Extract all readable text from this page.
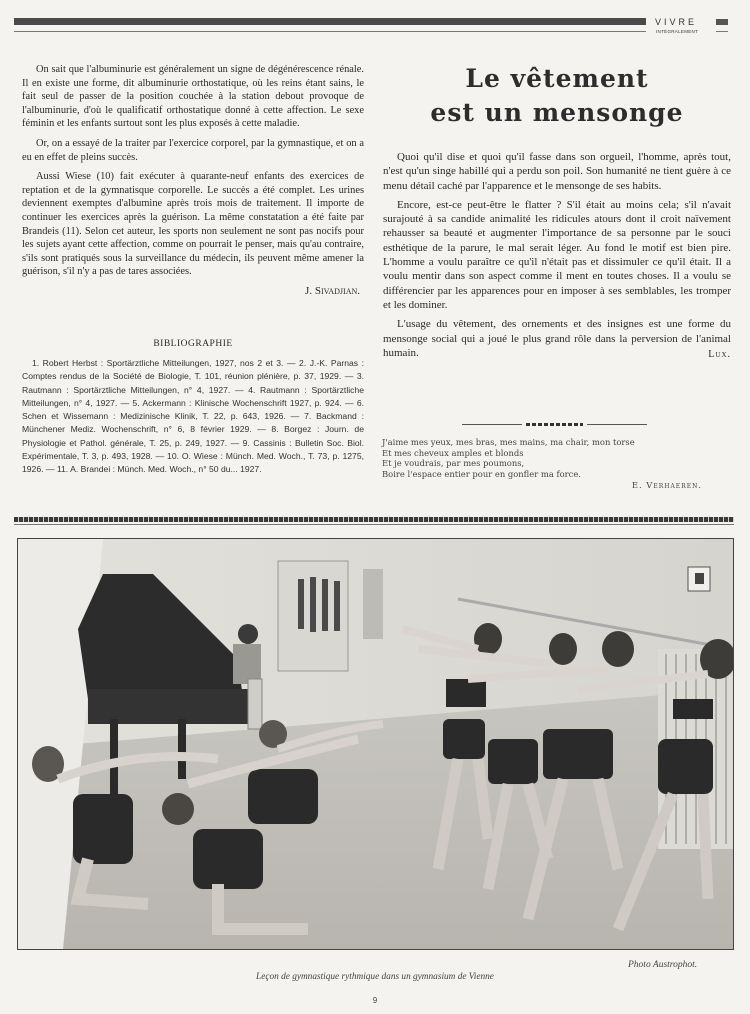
VIVRE
INTÉGRALEMENT

On sait que l'albuminurie est généralement un signe de dégénérescence rénale. Il en existe une forme, dit albuminurie orthostatique, où les reins étant sains, le fait seul de passer de la position couchée à la station debout provoque de l'albuminurie, d'où le qualificatif orthostatique donné à cette affection. Le sexe féminin et les enfants surtout sont les plus exposés à cette maladie.

Or, on a essayé de la traiter par l'exercice corporel, par la gymnastique, et on a eu en effet de pleins succès.

Aussi Wiese (10) fait exécuter à quarante-neuf enfants des exercices de reptation et de la gymnatisque corporelle. Le succès a été complet. Les urines deviennent exemptes d'albumine après trois mois de traitement. Il importe de continuer les exercices après la guérison. La même constatation a été faite par Brandeis (11). Selon cet auteur, les sports non seulement ne sont pas nocifs pour les sujets ayant cette affection, comme on pourrait le penser, mais qu'au contraire, s'ils sont pratiqués sous la surveillance du médecin, ils peuvent même amener la guérison, s'il n'y a pas de tares associées.

J. Sivadjian.
BIBLIOGRAPHIE
1. Robert Herbst : Sportärztliche Mitteilungen, 1927, nos 2 et 3. — 2. J.-K. Parnas : Comptes rendus de la Société de Biologie, T. 101, réunion plénière, p. 37, 1929. — 3. Rautmann : Sportärztliche Mitteilungen, n° 4, 1927. — 4. Rautmann : Sportärztliche Mitteilungen, n° 4, 1927. — 5. Ackermann : Klinische Wochenschrift 1927, p. 924. — 6. Schen et Wissemann : Medizinische Klinik, T. 22, p. 643, 1926. — 7. Backmand : Münchener Mediz. Wochenschrift, n° 6, 8 février 1929. — 8. Borgez : Journ. de Physiologie et Pathol. générale, T. 25, p. 249, 1927. — 9. Cassinis : Bulletin Soc. Biol. Expérimentale, T. 3, p. 493, 1928. — 10. O. Wiese : Münch. Med. Woch., T. 73, p. 1275, 1926. — 11. A. Brandei : Münch. Med. Woch., n° 50 du... 1927.
Le vêtement
est un mensonge

Quoi qu'il dise et quoi qu'il fasse dans son orgueil, l'homme, après tout, n'est qu'un singe habillé qui a perdu son poil. Son humanité ne tient guère à ce menu détail caché par l'apparence et le mensonge de ses habits.

Encore, est-ce peut-être le flatter ? S'il était au moins cela; s'il n'avait surajouté à sa candide animalité les ridicules atours dont il croit naïvement rehausser sa beauté et augmenter l'importance de sa personne par le souci esthétique de la parure, le mal serait léger. Au fond le motif est bien pire. L'homme a voulu paraître ce qu'il n'était pas et dissimuler ce qu'il était. Il a voulu mentir dans son aspect comme il ment en toutes choses. Il a voulu se différencier par les apparences pour en imposer à ses semblables, les tromper et les dominer.

L'usage du vêtement, des ornements et des insignes est une forme du mensonge social qui a joué le plus grand rôle dans la perversion de l'animal humain.	Lux.

J'aime mes yeux, mes bras, mes mains, ma chair, mon torse
Et mes cheveux amples et blonds
Et je voudrais, par mes poumons,
Boire l'espace entier pour en gonfler ma force.
E. Verhaeren.
Photo Austrophot.
Leçon de gymnastique rythmique dans un gymnasium de Vienne
9
